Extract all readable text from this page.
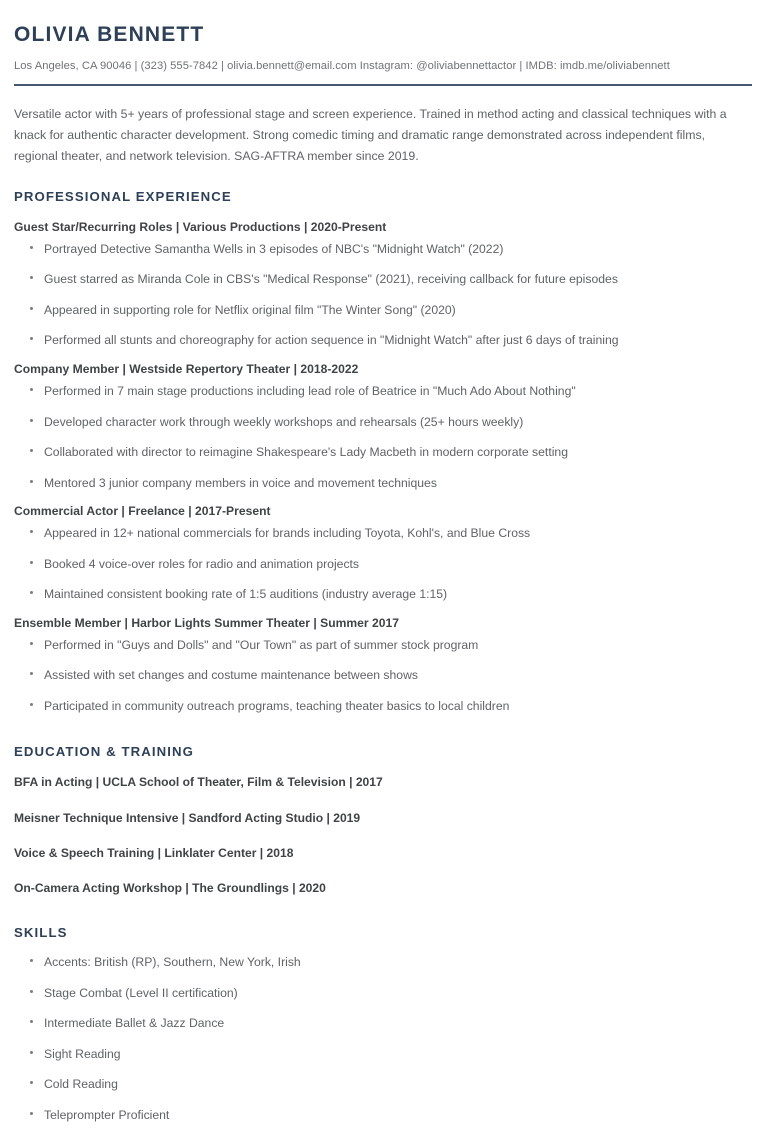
OLIVIA BENNETT
Los Angeles, CA 90046 | (323) 555-7842 | olivia.bennett@email.com Instagram: @oliviabennettactor | IMDB: imdb.me/oliviabennett

Versatile actor with 5+ years of professional stage and screen experience. Trained in method acting and classical techniques with a knack for authentic character development. Strong comedic timing and dramatic range demonstrated across independent films, regional theater, and network television. SAG-AFTRA member since 2019.

PROFESSIONAL EXPERIENCE
Guest Star/Recurring Roles | Various Productions | 2020-Present
Portrayed Detective Samantha Wells in 3 episodes of NBC's "Midnight Watch" (2022)
Guest starred as Miranda Cole in CBS's "Medical Response" (2021), receiving callback for future episodes
Appeared in supporting role for Netflix original film "The Winter Song" (2020)
Performed all stunts and choreography for action sequence in "Midnight Watch" after just 6 days of training
Company Member | Westside Repertory Theater | 2018-2022
Performed in 7 main stage productions including lead role of Beatrice in "Much Ado About Nothing"
Developed character work through weekly workshops and rehearsals (25+ hours weekly)
Collaborated with director to reimagine Shakespeare's Lady Macbeth in modern corporate setting
Mentored 3 junior company members in voice and movement techniques
Commercial Actor | Freelance | 2017-Present
Appeared in 12+ national commercials for brands including Toyota, Kohl's, and Blue Cross
Booked 4 voice-over roles for radio and animation projects
Maintained consistent booking rate of 1:5 auditions (industry average 1:15)
Ensemble Member | Harbor Lights Summer Theater | Summer 2017
Performed in "Guys and Dolls" and "Our Town" as part of summer stock program
Assisted with set changes and costume maintenance between shows
Participated in community outreach programs, teaching theater basics to local children
EDUCATION & TRAINING
BFA in Acting | UCLA School of Theater, Film & Television | 2017
Meisner Technique Intensive | Sandford Acting Studio | 2019
Voice & Speech Training | Linklater Center | 2018
On-Camera Acting Workshop | The Groundlings | 2020
SKILLS
Accents: British (RP), Southern, New York, Irish
Stage Combat (Level II certification)
Intermediate Ballet & Jazz Dance
Sight Reading
Cold Reading
Teleprompter Proficient
